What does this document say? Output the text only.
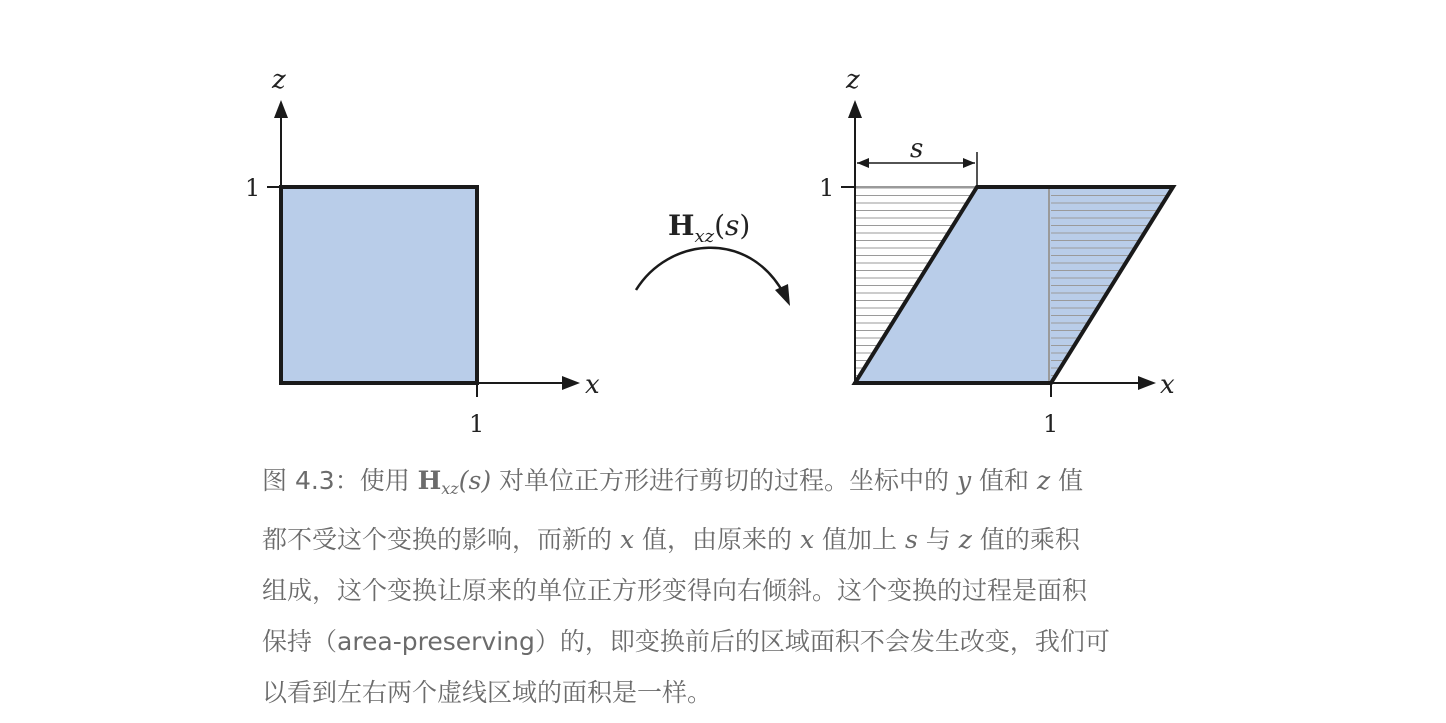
z
x
1
1
Hxz(s)
s
z
x
1
1
图 4.3：使用 $H_{xz}(s)$ 对单位正方形进行剪切的过程。坐标中的 y 值和 z 值
都不受这个变换的影响，而新的 x 值，由原来的 x 值加上 s 与 z 值的乘积
组成，这个变换让原来的单位正方形变得向右倾斜。这个变换的过程是面积
保持（area-preserving）的，即变换前后的区域面积不会发生改变，我们可
以看到左右两个虚线区域的面积是一样。
